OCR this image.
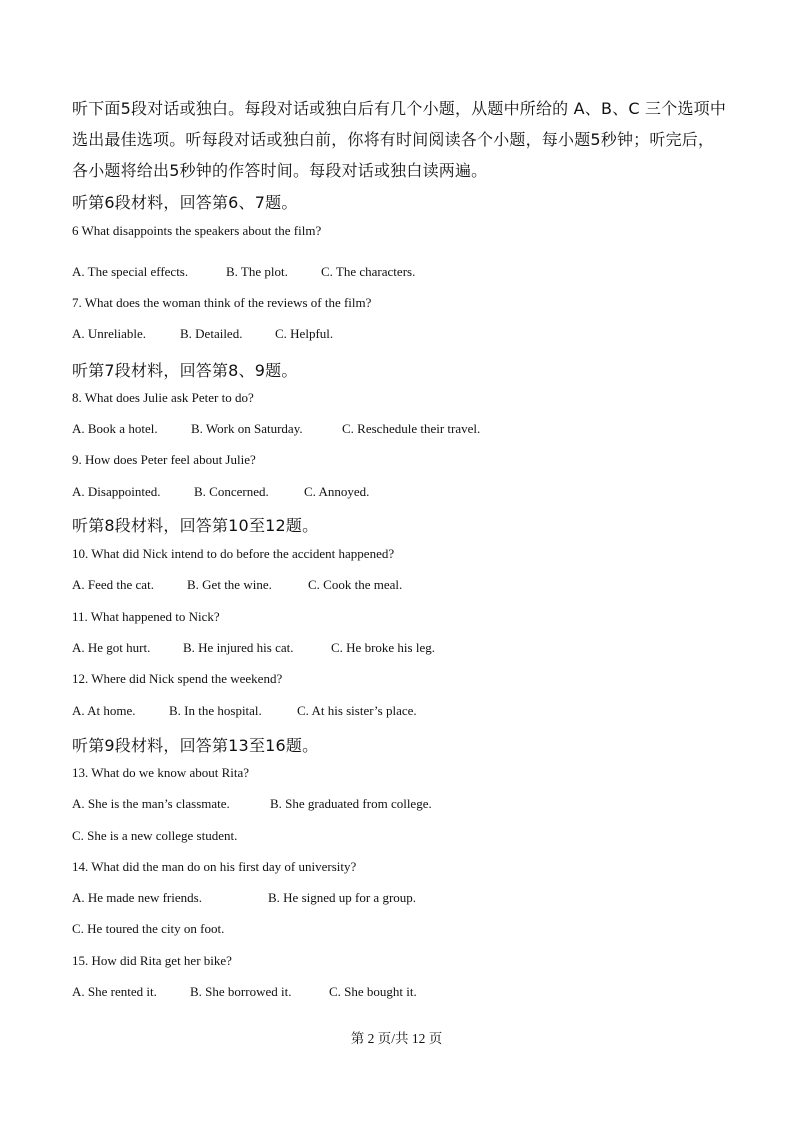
听下面5段对话或独白。每段对话或独白后有几个小题，从题中所给的 A、B、C 三个选项中
选出最佳选项。听每段对话或独白前，你将有时间阅读各个小题，每小题5秒钟；听完后，
各小题将给出5秒钟的作答时间。每段对话或独白读两遍。
听第6段材料，回答第6、7题。
6 What disappoints the speakers about the film?
A. The special effects.	B. The plot.	C. The characters.
7. What does the woman think of the reviews of the film?
A. Unreliable.	B. Detailed.	C. Helpful.
听第7段材料，回答第8、9题。
8. What does Julie ask Peter to do?
A. Book a hotel.	B. Work on Saturday.	C. Reschedule their travel.
9. How does Peter feel about Julie?
A. Disappointed.	B. Concerned.	C. Annoyed.
听第8段材料，回答第10至12题。
10. What did Nick intend to do before the accident happened?
A. Feed the cat.	B. Get the wine.	C. Cook the meal.
11. What happened to Nick?
A. He got hurt.	B. He injured his cat.	C. He broke his leg.
12. Where did Nick spend the weekend?
A. At home.	B. In the hospital.	C. At his sister’s place.
听第9段材料，回答第13至16题。
13. What do we know about Rita?
A. She is the man’s classmate.	B. She graduated from college.
C. She is a new college student.
14. What did the man do on his first day of university?
A. He made new friends.	B. He signed up for a group.
C. He toured the city on foot.
15. How did Rita get her bike?
A. She rented it.	B. She borrowed it.	C. She bought it.
第 2 页/共 12 页
